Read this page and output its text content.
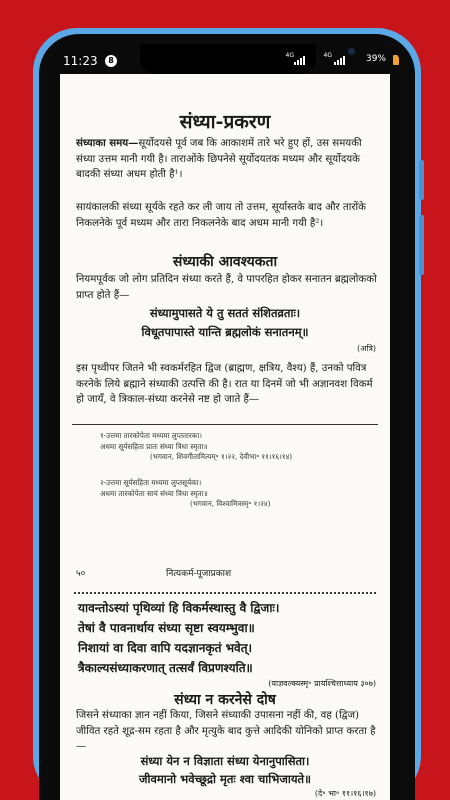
11:23	8
4G	4G	39%
संध्या-प्रकरण
संध्याका समय—सूर्योदयसे पूर्व जब कि आकाशमें तारे भरे हुए हों, उस समयकी संध्या उत्तम मानी गयी है। ताराओंके छिपनेसे सूर्योदयतक मध्यम और सूर्योदयके बादकी संध्या अधम होती है¹।
सायंकालकी संध्या सूर्यके रहते कर ली जाय तो उत्तम, सूर्यास्तके बाद और तारोंके निकलनेके पूर्व मध्यम और तारा निकलनेके बाद अधम मानी गयी है²।
संध्याकी आवश्यकता
नियमपूर्वक जो लोग प्रतिदिन संध्या करते हैं, वे पापरहित होकर सनातन ब्रह्मलोकको प्राप्त होते हैं—
संध्यामुपासते ये तु सततं संशितव्रताः।
विधूतपापास्ते यान्ति ब्रह्मलोकं सनातनम्॥
(अत्रि)
इस पृथ्वीपर जितने भी स्वकर्मरहित द्विज (ब्राह्मण, क्षत्रिय, वैश्य) हैं, उनको पवित्र करनेके लिये ब्रह्माने संध्याकी उत्पत्ति की है। रात या दिनमें जो भी अज्ञानवश विकर्म हो जायँ, वे त्रिकाल-संध्या करनेसे नष्ट हो जाते हैं—
१-उत्तमा तारकोपेता मध्यमा लुप्ततारका।
अधमा सूर्यसहिता प्रातः संध्या त्रिधा स्मृता॥
(भगवान, शिवगीतामित्यम्॰ १।२२, देवीभा॰ ११।१६।१४)
२-उत्तमा सूर्यसहिता मध्यमा लुप्तसूर्यका।
अधमा तारकोपेता सायं संध्या त्रिधा स्मृता॥
(भगवान, विश्वामित्रस्मृ॰ १।२४)
५०	नित्यकर्म-पूजाप्रकाश
यावन्तोऽस्यां पृथिव्यां हि विकर्मस्थास्तु वै द्विजाः।
तेषां वै पावनार्थाय संध्या सृष्टा स्वयम्भुवा॥
निशायां वा दिवा वापि यदज्ञानकृतं भवेत्।
त्रैकाल्यसंध्याकरणात् तत्सर्वं विप्रणश्यति॥
(याज्ञवल्क्यस्मृ॰ प्रायश्चित्ताध्याय ३०७)
संध्या न करनेसे दोष
जिसने संध्याका ज्ञान नहीं किया, जिसने संध्याकी उपासना नहीं की, वह (द्विज) जीवित रहते शूद्र-सम रहता है और मृत्युके बाद कुत्ते आदिकी योनिको प्राप्त करता है—
संध्या येन न विज्ञाता संध्या येनानुपासिता।
जीवमानो भवेच्छूद्रो मृतः श्वा चाभिजायते॥
(दे॰ भा॰ ११।१६।१७)
